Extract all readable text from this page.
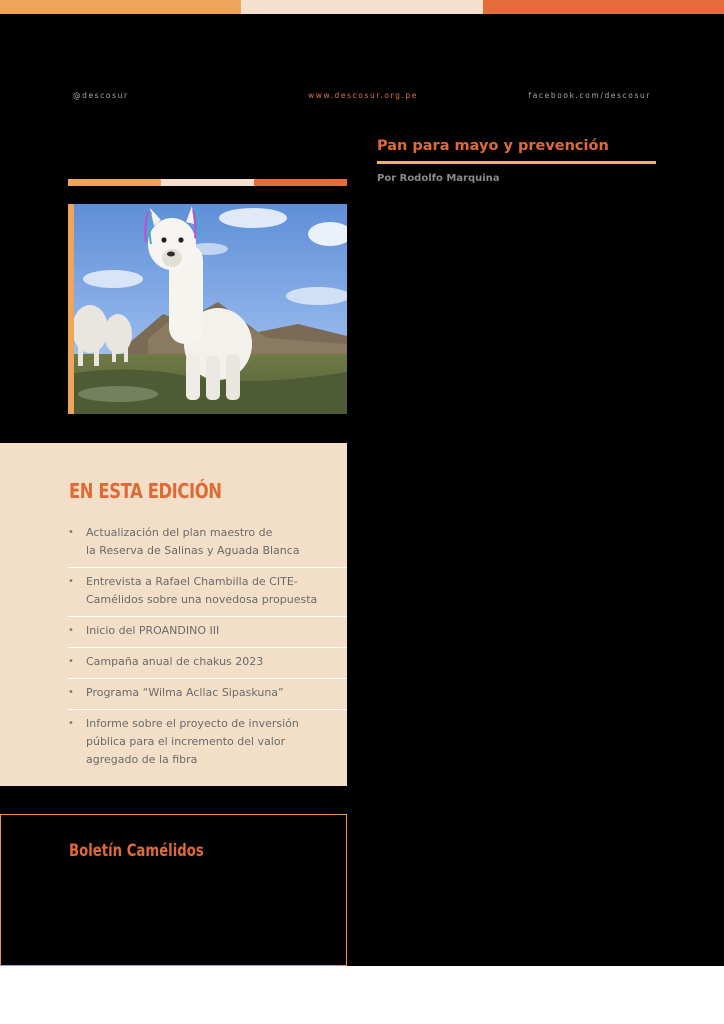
@descosur	www.descosur.org.pe	facebook.com/descosur
Pan para mayo y prevención
Por Rodolfo Marquina
EN ESTA EDICIÓN
• Actualización del plan maestro de
la Reserva de Salinas y Aguada Blanca
• Entrevista a Rafael Chambilla de CITE-
Camélidos sobre una novedosa propuesta
• Inicio del PROANDINO III
• Campaña anual de chakus 2023
• Programa “Wilma Acllac Sipaskuna”
• Informe sobre el proyecto de inversión
pública para el incremento del valor
agregado de la fibra
Boletín Camélidos
